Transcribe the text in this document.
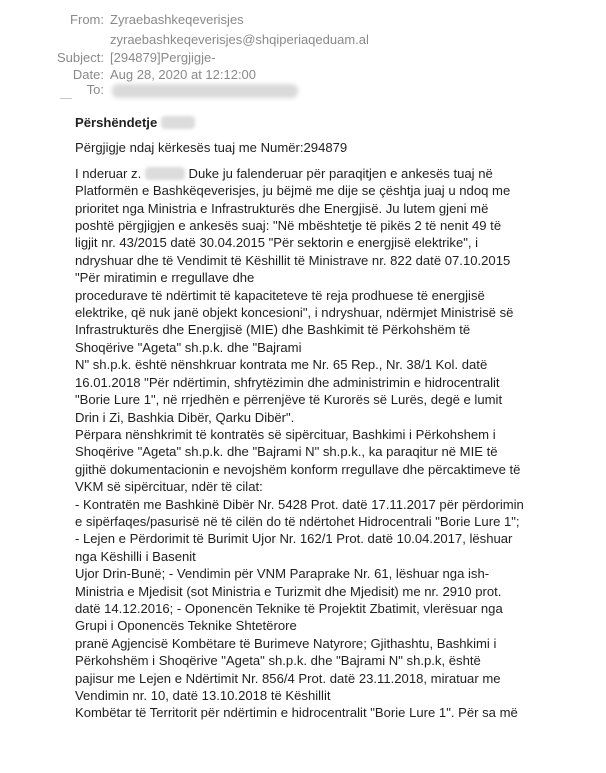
From: Zyraebashkeqeverisjes
zyraebashkeqeverisjes@shqiperiaqeduam.al
Subject: [294879]Pergjigje-
Date: Aug 28, 2020 at 12:12:00
To:

Përshëndetje

Përgjigje ndaj kërkesës tuaj me Numër:294879

I nderuar z.	Duke ju falenderuar për paraqitjen e ankesës tuaj në

Platformën e Bashkëqeverisjes, ju bëjmë me dije se çështja juaj u ndoq me

prioritet nga Ministria e Infrastrukturës dhe Energjisë. Ju lutem gjeni më

poshtë përgjigjen e ankesës suaj: "Në mbështetje të pikës 2 të nenit 49 të

ligjit nr. 43/2015 datë 30.04.2015 "Për sektorin e energjisë elektrike", i

ndryshuar dhe të Vendimit të Këshillit të Ministrave nr. 822 datë 07.10.2015

"Për miratimin e rregullave dhe

procedurave të ndërtimit të kapaciteteve të reja prodhuese të energjisë

elektrike, që nuk janë objekt koncesioni", i ndryshuar, ndërmjet Ministrisë së

Infrastrukturës dhe Energjisë (MIE) dhe Bashkimit të Përkohshëm të

Shoqërive "Ageta" sh.p.k. dhe "Bajrami

N" sh.p.k. është nënshkruar kontrata me Nr. 65 Rep., Nr. 38/1 Kol. datë

16.01.2018 "Për ndërtimin, shfrytëzimin dhe administrimin e hidrocentralit

"Borie Lure 1", në rrjedhën e përrenjëve të Kurorës së Lurës, degë e lumit

Drin i Zi, Bashkia Dibër, Qarku Dibër".

Përpara nënshkrimit të kontratës së sipërcituar, Bashkimi i Përkohshem i

Shoqërive "Ageta" sh.p.k. dhe "Bajrami N" sh.p.k., ka paraqitur në MIE të

gjithë dokumentacionin e nevojshëm konform rregullave dhe përcaktimeve të

VKM së sipërcituar, ndër të cilat:

- Kontratën me Bashkinë Dibër Nr. 5428 Prot. datë 17.11.2017 për përdorimin

e sipërfaqes/pasurisë në të cilën do të ndërtohet Hidrocentrali "Borie Lure 1";

- Lejen e Përdorimit të Burimit Ujor Nr. 162/1 Prot. datë 10.04.2017, lëshuar

nga Këshilli i Basenit

Ujor Drin-Bunë; - Vendimin për VNM Paraprake Nr. 61, lëshuar nga ish-

Ministria e Mjedisit (sot Ministria e Turizmit dhe Mjedisit) me nr. 2910 prot.

datë 14.12.2016; - Oponencën Teknike të Projektit Zbatimit, vlerësuar nga

Grupi i Oponencës Teknike Shtetërore

pranë Agjencisë Kombëtare të Burimeve Natyrore; Gjithashtu, Bashkimi i

Përkohshëm i Shoqërive "Ageta" sh.p.k. dhe "Bajrami N" sh.p.k, është

pajisur me Lejen e Ndërtimit Nr. 856/4 Prot. datë 23.11.2018, miratuar me

Vendimin nr. 10, datë 13.10.2018 të Këshillit

Kombëtar të Territorit për ndërtimin e hidrocentralit "Borie Lure 1". Për sa më
